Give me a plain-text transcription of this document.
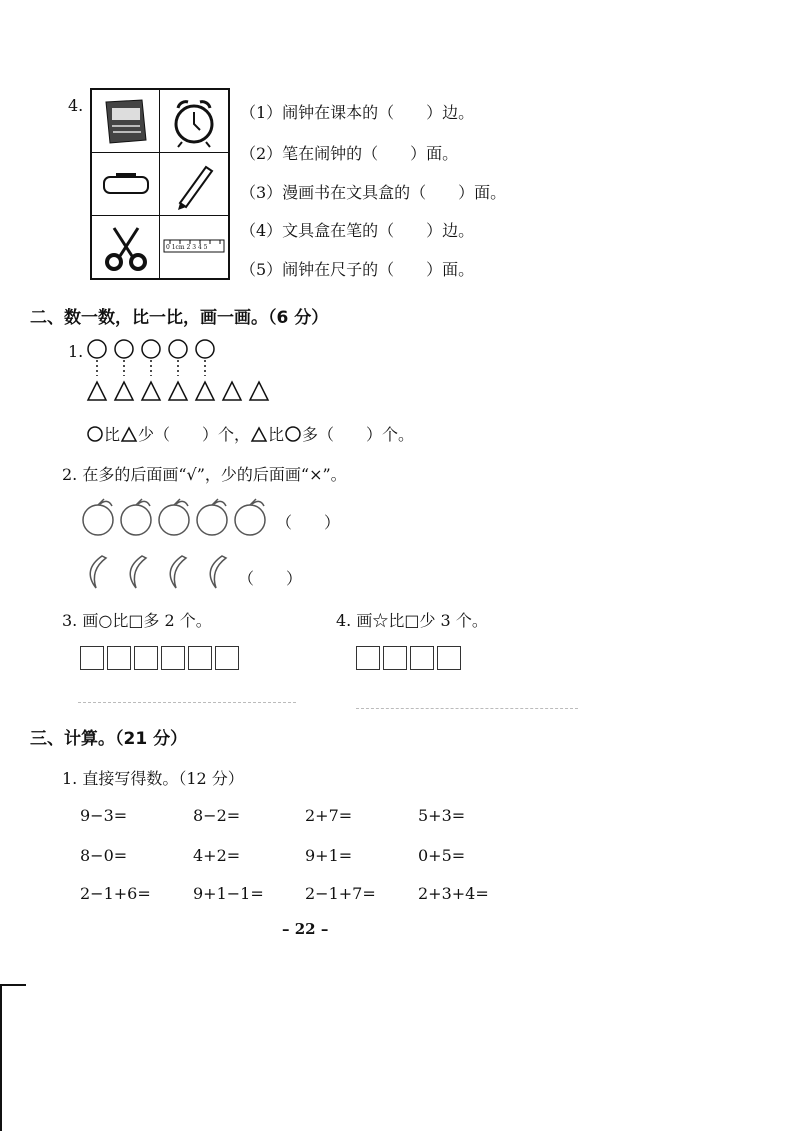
4.
0 1cm 2 3 4 5
（1）闹钟在课本的（　　）边。
（2）笔在闹钟的（　　）面。
（3）漫画书在文具盒的（　　）面。
（4）文具盒在笔的（　　）边。
（5）闹钟在尺子的（　　）面。
二、数一数，比一比，画一画。（6 分）
1.
比 少（　　）个， 比 多（　　）个。
2. 在多的后面画“√”，少的后面画“×”。
（　　）
（　　）
3. 画○比□多 2 个。	4. 画☆比□少 3 个。
三、计算。（21 分）
1. 直接写得数。（12 分）
9−3=	8−2=	2+7=	5+3=
8−0=	4+2=	9+1=	0+5=
2−1+6=	9+1−1=	2−1+7=	2+3+4=
– 22 –
